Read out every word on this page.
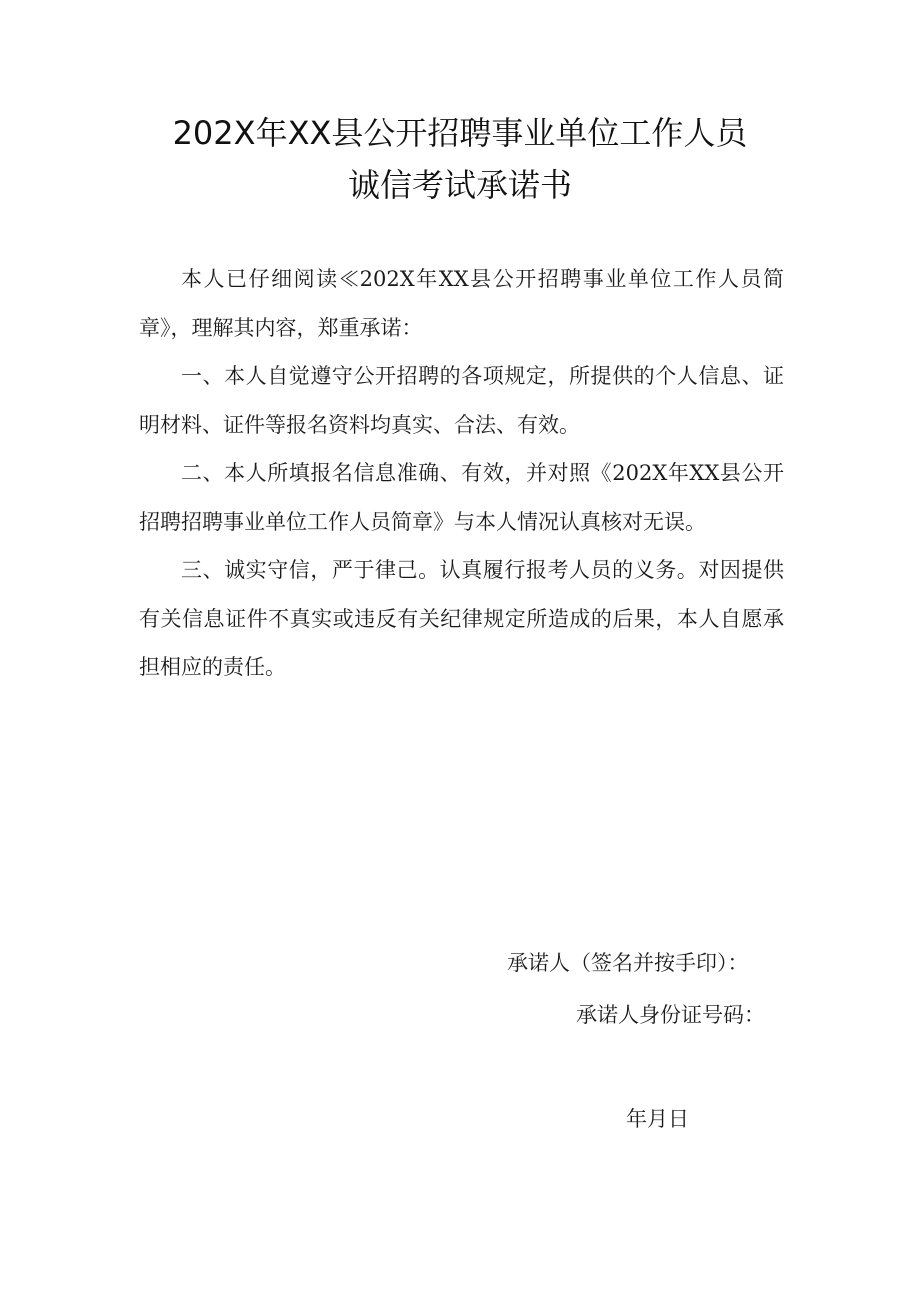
202X年XX县公开招聘事业单位工作人员
诚信考试承诺书

本人已仔细阅读≪202X年XX县公开招聘事业单位工作人员简章》，理解其内容，郑重承诺：

一、本人自觉遵守公开招聘的各项规定，所提供的个人信息、证明材料、证件等报名资料均真实、合法、有效。

二、本人所填报名信息准确、有效，并对照《202X年XX县公开招聘招聘事业单位工作人员简章》与本人情况认真核对无误。

三、诚实守信，严于律己。认真履行报考人员的义务。对因提供有关信息证件不真实或违反有关纪律规定所造成的后果，本人自愿承担相应的责任。

承诺人（签名并按手印）：
承诺人身份证号码：
年月日
